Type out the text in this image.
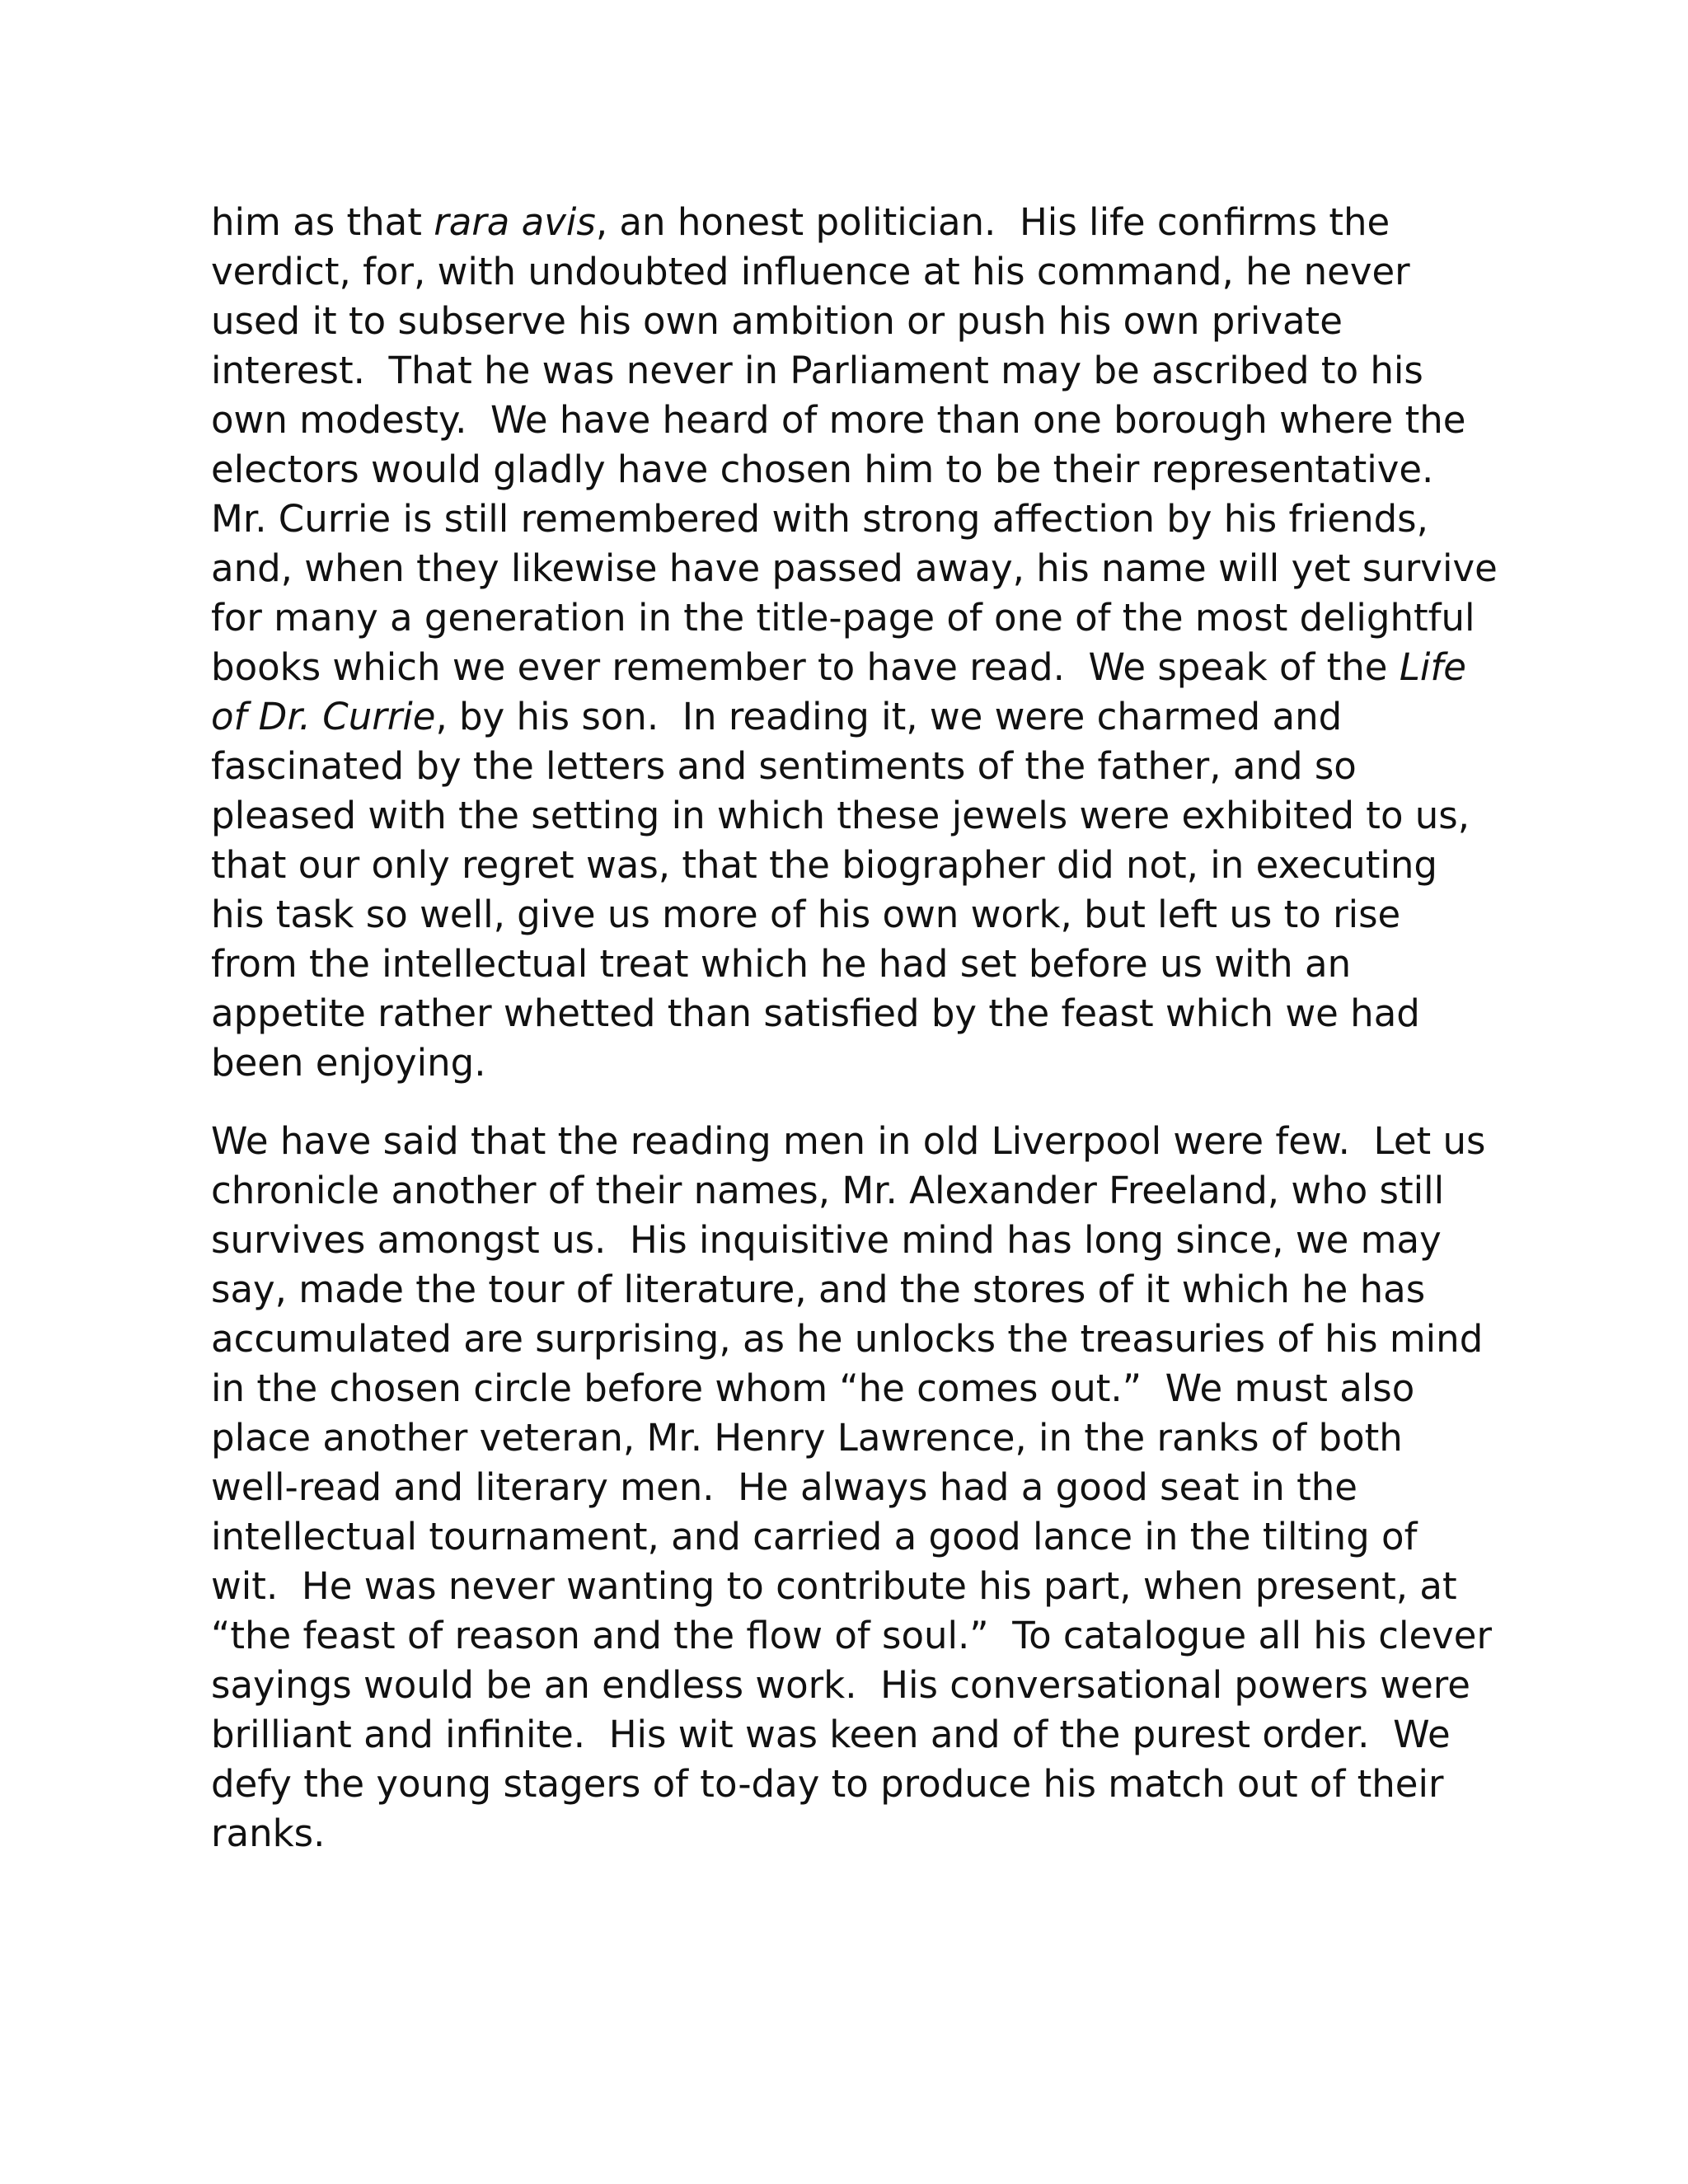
him as that rara avis, an honest politician.  His life confirms the
verdict, for, with undoubted influence at his command, he never
used it to subserve his own ambition or push his own private
interest.  That he was never in Parliament may be ascribed to his
own modesty.  We have heard of more than one borough where the
electors would gladly have chosen him to be their representative.
Mr. Currie is still remembered with strong affection by his friends,
and, when they likewise have passed away, his name will yet survive
for many a generation in the title-page of one of the most delightful
books which we ever remember to have read.  We speak of the Life
of Dr. Currie, by his son.  In reading it, we were charmed and
fascinated by the letters and sentiments of the father, and so
pleased with the setting in which these jewels were exhibited to us,
that our only regret was, that the biographer did not, in executing
his task so well, give us more of his own work, but left us to rise
from the intellectual treat which he had set before us with an
appetite rather whetted than satisfied by the feast which we had
been enjoying.
We have said that the reading men in old Liverpool were few.  Let us
chronicle another of their names, Mr. Alexander Freeland, who still
survives amongst us.  His inquisitive mind has long since, we may
say, made the tour of literature, and the stores of it which he has
accumulated are surprising, as he unlocks the treasuries of his mind
in the chosen circle before whom “he comes out.”  We must also
place another veteran, Mr. Henry Lawrence, in the ranks of both
well-read and literary men.  He always had a good seat in the
intellectual tournament, and carried a good lance in the tilting of
wit.  He was never wanting to contribute his part, when present, at
“the feast of reason and the flow of soul.”  To catalogue all his clever
sayings would be an endless work.  His conversational powers were
brilliant and infinite.  His wit was keen and of the purest order.  We
defy the young stagers of to-day to produce his match out of their
ranks.
